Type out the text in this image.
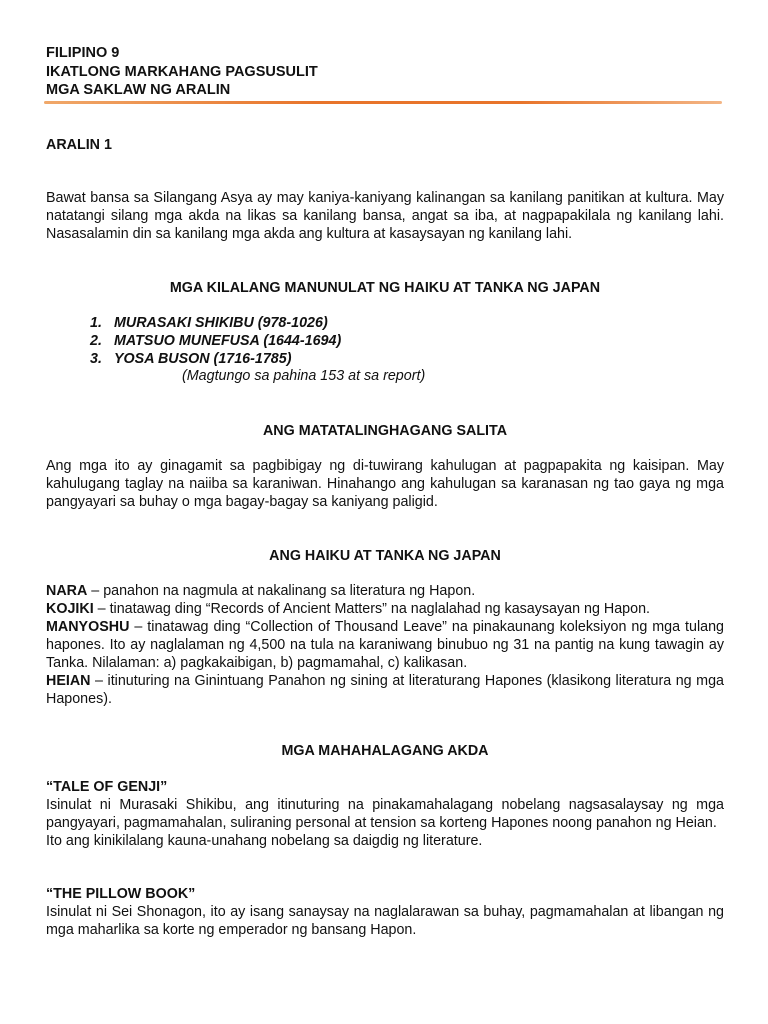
FILIPINO 9
IKATLONG MARKAHANG PAGSUSULIT
MGA SAKLAW NG ARALIN
ARALIN 1
Bawat bansa sa Silangang Asya ay may kaniya-kaniyang kalinangan sa kanilang panitikan at kultura. May natatangi silang mga akda na likas sa kanilang bansa, angat sa iba, at nagpapakilala ng kanilang lahi. Nasasalamin din sa kanilang mga akda ang kultura at kasaysayan ng kanilang lahi.
MGA KILALANG MANUNULAT NG HAIKU AT TANKA NG JAPAN
1. MURASAKI SHIKIBU (978-1026)
2. MATSUO MUNEFUSA (1644-1694)
3. YOSA BUSON (1716-1785)
(Magtungo sa pahina 153 at sa report)
ANG MATATALINGHAGANG SALITA
Ang mga ito ay ginagamit sa pagbibigay ng di-tuwirang kahulugan at pagpapakita ng kaisipan. May kahulugang taglay na naiiba sa karaniwan. Hinahango ang kahulugan sa karanasan ng tao gaya ng mga pangyayari sa buhay o mga bagay-bagay sa kaniyang paligid.
ANG HAIKU AT TANKA NG JAPAN

NARA – panahon na nagmula at nakalinang sa literatura ng Hapon.

KOJIKI – tinatawag ding “Records of Ancient Matters” na naglalahad ng kasaysayan ng Hapon.

MANYOSHU – tinatawag ding “Collection of Thousand Leave” na pinakaunang koleksiyon ng mga tulang hapones. Ito ay naglalaman ng 4,500 na tula na karaniwang binubuo ng 31 na pantig na kung tawagin ay Tanka. Nilalaman: a) pagkakaibigan, b) pagmamahal, c) kalikasan.

HEIAN – itinuturing na Ginintuang Panahon ng sining at literaturang Hapones (klasikong literatura ng mga Hapones).

MGA MAHAHALAGANG AKDA

“TALE OF GENJI”

Isinulat ni Murasaki Shikibu, ang itinuturing na pinakamahalagang nobelang nagsasalaysay ng mga pangyayari, pagmamahalan, suliraning personal at tension sa korteng Hapones noong panahon ng Heian.

Ito ang kinikilalang kauna-unahang nobelang sa daigdig ng literature.

“THE PILLOW BOOK”

Isinulat ni Sei Shonagon, ito ay isang sanaysay na naglalarawan sa buhay, pagmamahalan at libangan ng mga maharlika sa korte ng emperador ng bansang Hapon.
